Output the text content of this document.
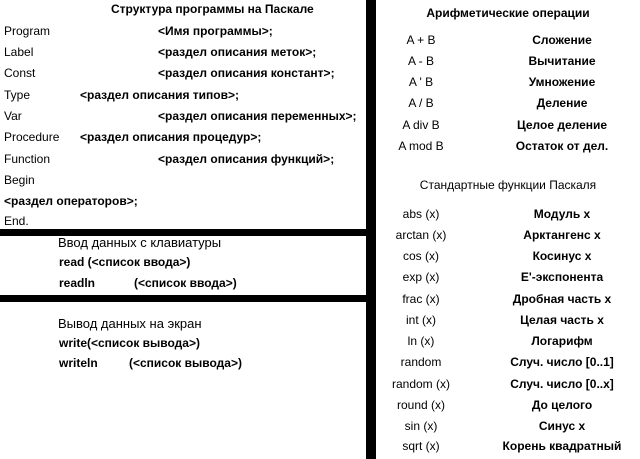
Структура программы на Паскале
Program	<Имя программы>;
Label	<раздел описания меток>;
Const	<раздел описания констант>;
Type	<раздел описания типов>;
Var	<раздел описания переменных>;
Procedure <раздел описания процедур>;
Function	<раздел описания функций>;
Begin
<раздел операторов>;
End.
Ввод данных с клавиатуры
read (<список ввода>)
readln	(<список ввода>)
Вывод данных на экран
write(<список вывода>)
writeln	(<список вывода>)
Арифметические операции
A + B	Сложение
A - B	Вычитание
A ' B	Умножение
A / B	Деление
A div B	Целое деление
A mod B	Остаток от дел.
Стандартные функции Паскаля
abs (x)	Модуль x
arctan (x)	Арктангенс x
cos (x)	Косинус x
exp (x)	E'-экспонента
frac (x)	Дробная часть x
int (x)	Целая часть x
ln (x)	Логарифм
random	Случ. число [0..1]
random (x)	Случ. число [0..x]
round (x)	До целого
sin (x)	Синус x
sqrt (x)	Корень квадратный
